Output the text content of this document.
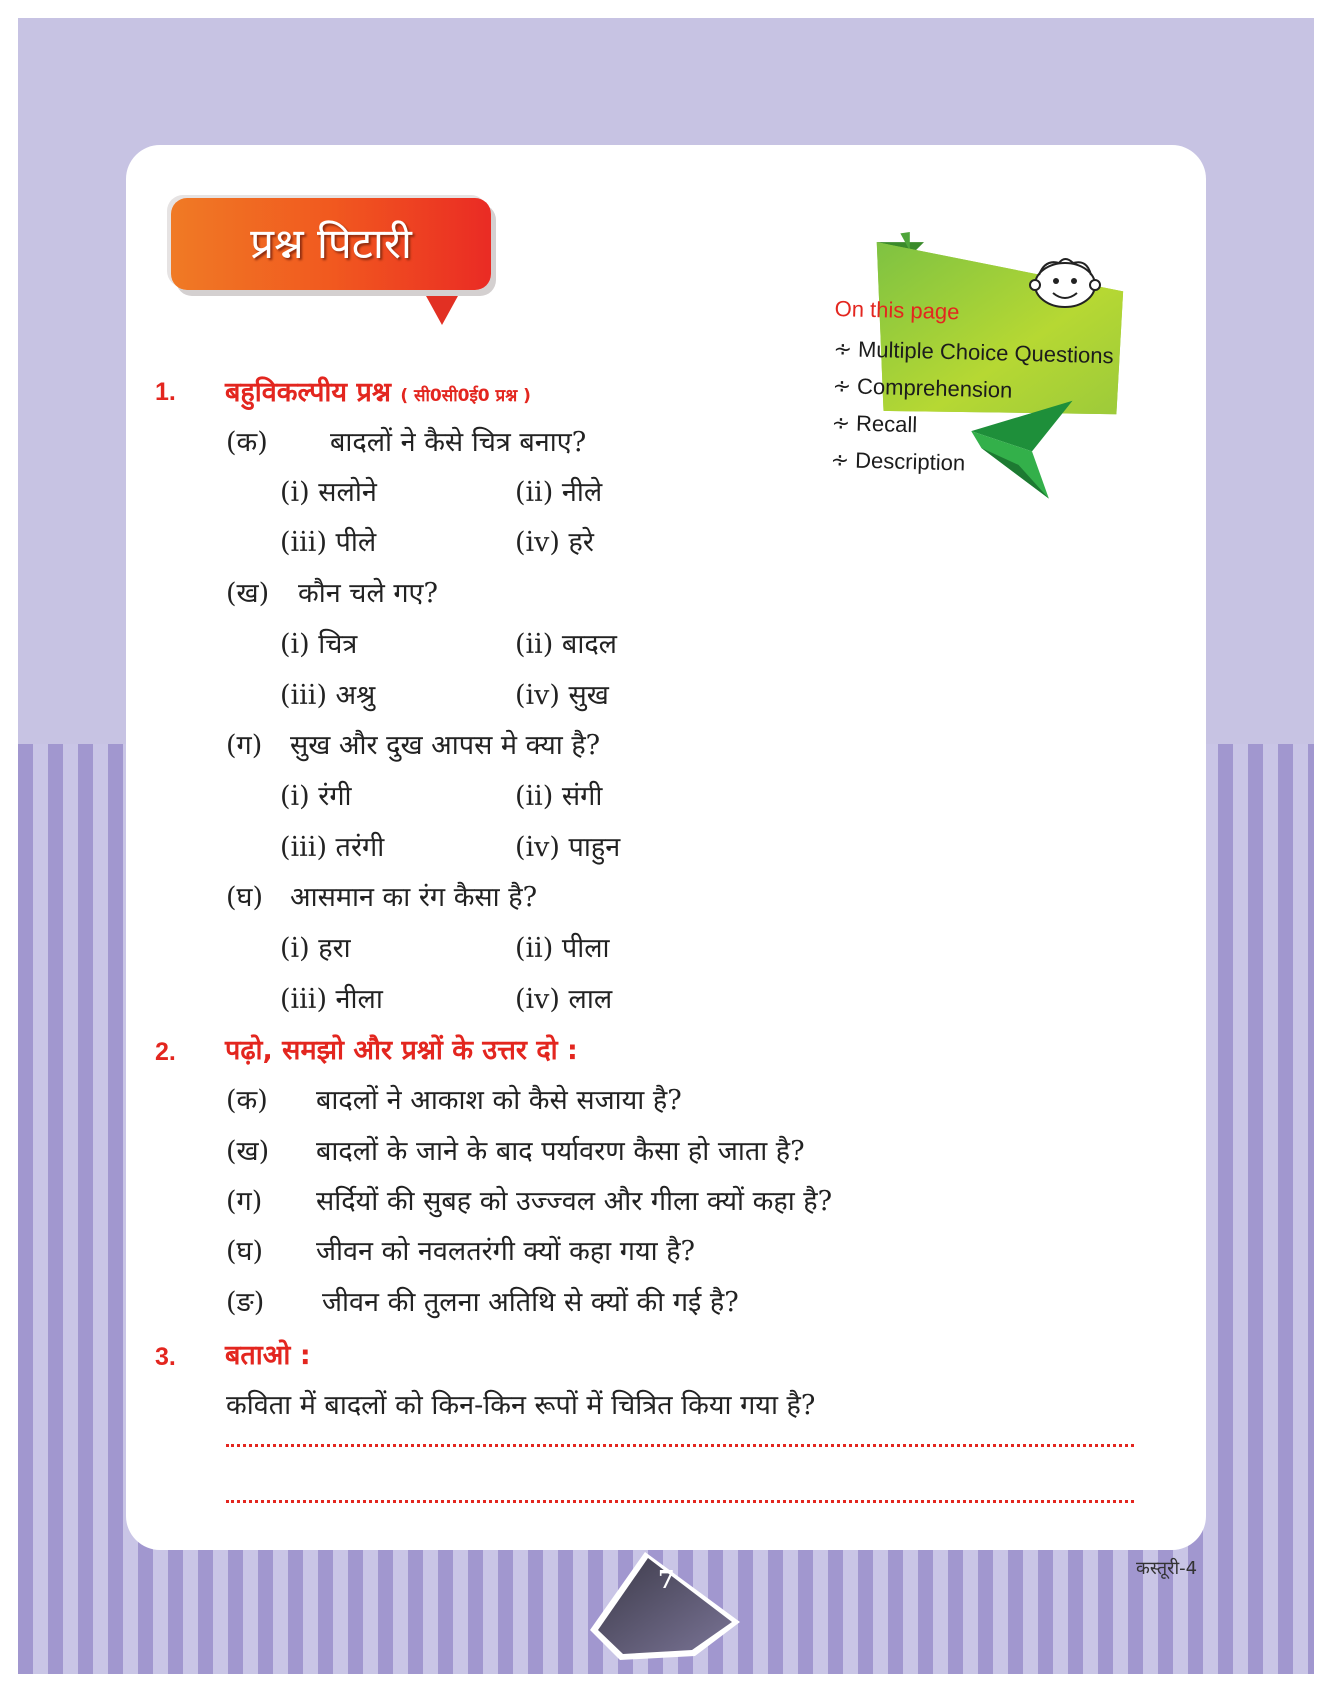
प्रश्न पिटारी
On this page
∻ Multiple Choice Questions
∻ Comprehension
∻ Recall
∻ Description
1. बहुविकल्पीय प्रश्न ( सी0सी0ई0 प्रश्न )
(क) बादलों ने कैसे चित्र बनाए?
(i) सलोने	(ii) नीले
(iii) पीले	(iv) हरे
(ख) कौन चले गए?
(i) चित्र	(ii) बादल
(iii) अश्रु	(iv) सुख
(ग) सुख और दुख आपस मे क्या है?
(i) रंगी	(ii) संगी
(iii) तरंगी	(iv) पाहुन
(घ) आसमान का रंग कैसा है?
(i) हरा	(ii) पीला
(iii) नीला	(iv) लाल
2. पढ़ो, समझो और प्रश्नों के उत्तर दो :
(क) बादलों ने आकाश को कैसे सजाया है?
(ख) बादलों के जाने के बाद पर्यावरण कैसा हो जाता है?
(ग) सर्दियों की सुबह को उज्ज्वल और गीला क्यों कहा है?
(घ) जीवन को नवलतरंगी क्यों कहा गया है?
(ङ) जीवन की तुलना अतिथि से क्यों की गई है?
3. बताओ :
कविता में बादलों को किन-किन रूपों में चित्रित किया गया है?
7	कस्तूरी-4
